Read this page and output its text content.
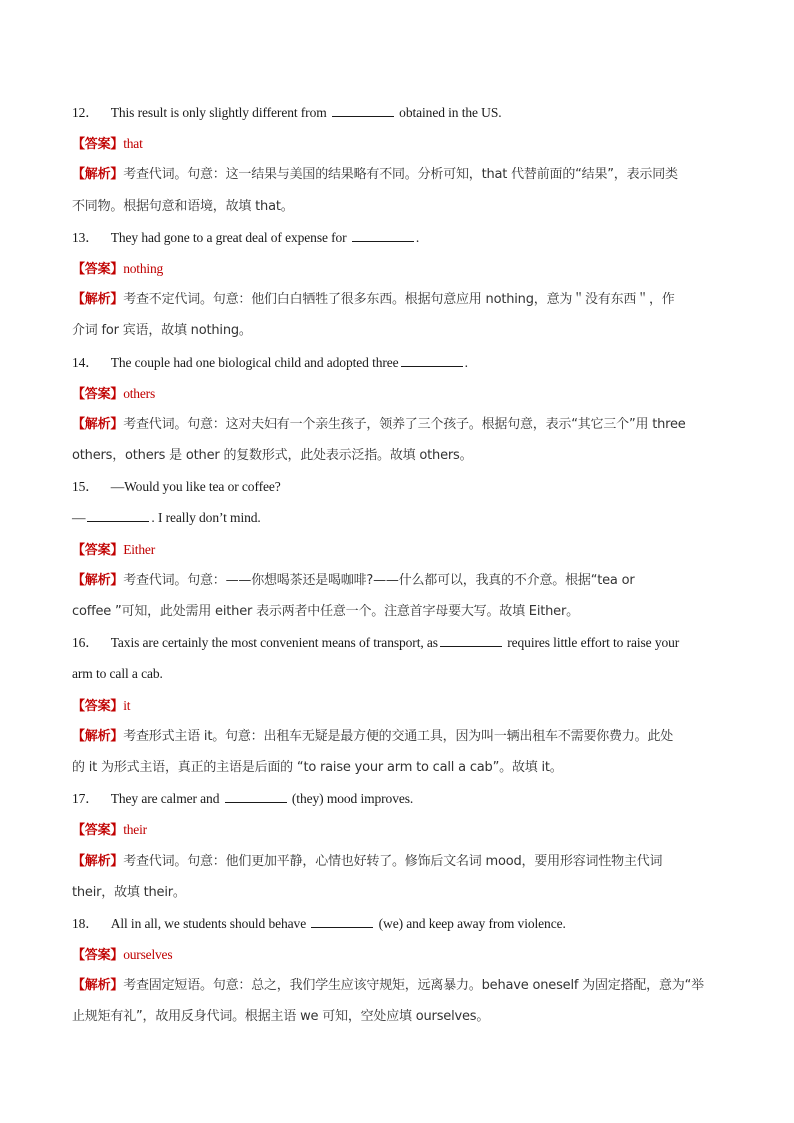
12． This result is only slightly different from	obtained in the US.
【答案】that
【解析】考查代词。句意：这一结果与美国的结果略有不同。分析可知，that 代替前面的“结果”，表示同类
不同物。根据句意和语境，故填 that。
13． They had gone to a great deal of expense for	.
【答案】nothing
【解析】考查不定代词。句意：他们白白牺牲了很多东西。根据句意应用 nothing，意为＂没有东西＂，作
介词 for 宾语，故填 nothing。
14． The couple had one biological child and adopted three	.
【答案】others
【解析】考查代词。句意：这对夫妇有一个亲生孩子，领养了三个孩子。根据句意，表示“其它三个”用 three
others，others 是 other 的复数形式，此处表示泛指。故填 others。
15． —Would you like tea or coffee?
—	. I really don’t mind.
【答案】Either
【解析】考查代词。句意：——你想喝茶还是喝咖啡?——什么都可以，我真的不介意。根据“tea or
coffee ”可知，此处需用 either 表示两者中任意一个。注意首字母要大写。故填 Either。
16． Taxis are certainly the most convenient means of transport, as	requires little effort to raise your
arm to call a cab.
【答案】it
【解析】考查形式主语 it。句意：出租车无疑是最方便的交通工具，因为叫一辆出租车不需要你费力。此处
的 it 为形式主语，真正的主语是后面的 “to raise your arm to call a cab”。故填 it。
17． They are calmer and	(they) mood improves.
【答案】their
【解析】考查代词。句意：他们更加平静，心情也好转了。修饰后文名词 mood，要用形容词性物主代词
their，故填 their。
18． All in all, we students should behave	(we) and keep away from violence.
【答案】ourselves
【解析】考查固定短语。句意：总之，我们学生应该守规矩，远离暴力。behave oneself 为固定搭配，意为“举
止规矩有礼”，故用反身代词。根据主语 we 可知，空处应填 ourselves。
